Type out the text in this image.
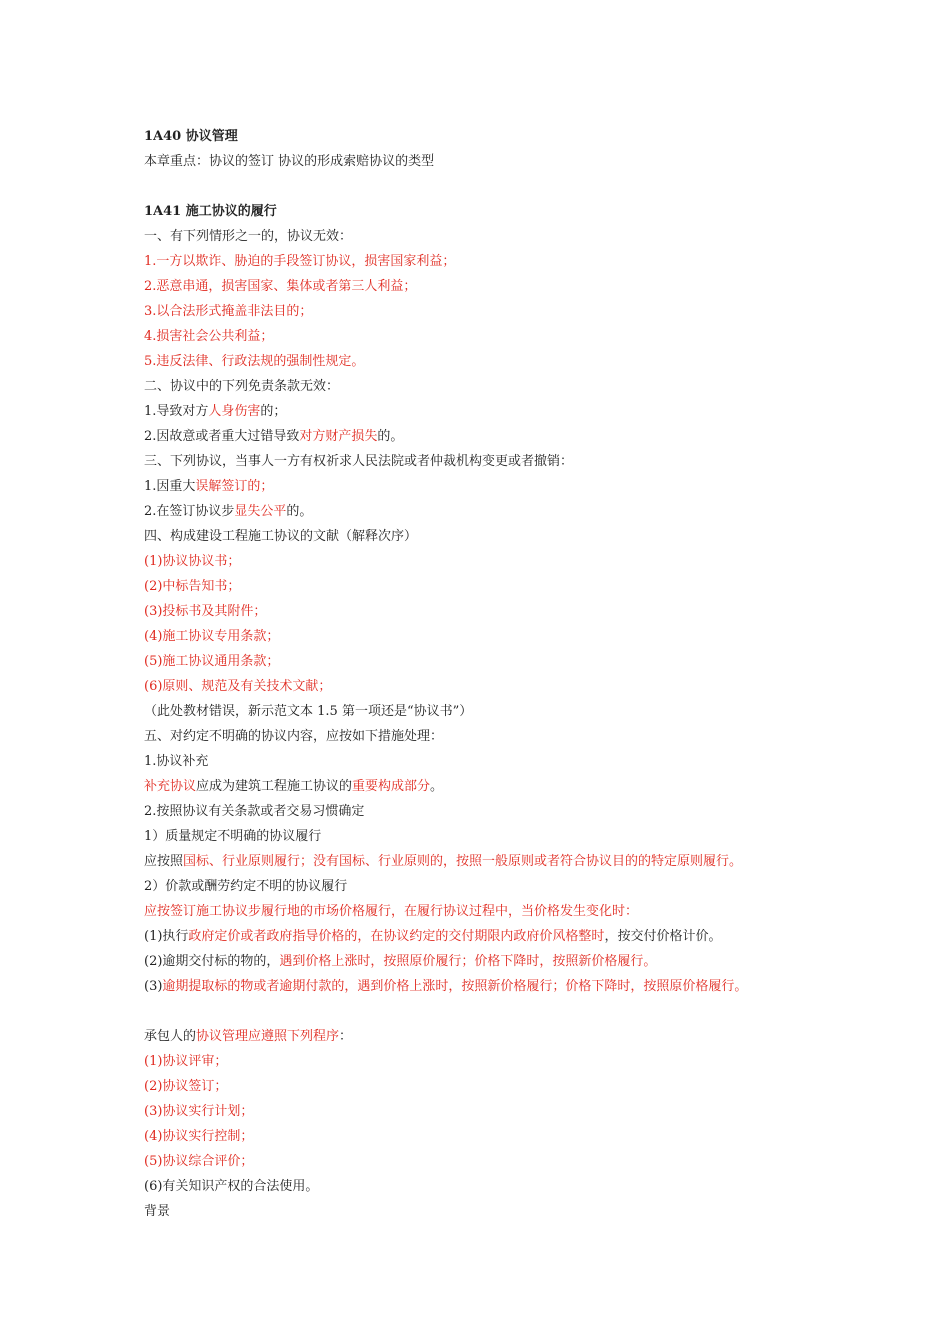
1A40 协议管理
本章重点：协议的签订 协议的形成索赔协议的类型
1A41 施工协议的履行
一、有下列情形之一的，协议无效：
1.一方以欺诈、胁迫的手段签订协议，损害国家利益；
2.恶意串通，损害国家、集体或者第三人利益；
3.以合法形式掩盖非法目的；
4.损害社会公共利益；
5.违反法律、行政法规的强制性规定。
二、协议中的下列免责条款无效：
1.导致对方人身伤害的；
2.因故意或者重大过错导致对方财产损失的。
三、下列协议，当事人一方有权祈求人民法院或者仲裁机构变更或者撤销：
1.因重大误解签订的；
2.在签订协议步显失公平的。
四、构成建设工程施工协议的文献（解释次序）
(1)协议协议书；
(2)中标告知书；
(3)投标书及其附件；
(4)施工协议专用条款；
(5)施工协议通用条款；
(6)原则、规范及有关技术文献；
（此处教材错误，新示范文本 1.5 第一项还是“协议书”）
五、对约定不明确的协议内容，应按如下措施处理：
1.协议补充
补充协议应成为建筑工程施工协议的重要构成部分。
2.按照协议有关条款或者交易习惯确定
1）质量规定不明确的协议履行
应按照国标、行业原则履行；没有国标、行业原则的，按照一般原则或者符合协议目的的特定原则履行。
2）价款或酬劳约定不明的协议履行
应按签订施工协议步履行地的市场价格履行，在履行协议过程中，当价格发生变化时：
(1)执行政府定价或者政府指导价格的，在协议约定的交付期限内政府价风格整时，按交付价格计价。
(2)逾期交付标的物的，遇到价格上涨时，按照原价履行；价格下降时，按照新价格履行。
(3)逾期提取标的物或者逾期付款的，遇到价格上涨时，按照新价格履行；价格下降时，按照原价格履行。
承包人的协议管理应遵照下列程序：
(1)协议评审；
(2)协议签订；
(3)协议实行计划；
(4)协议实行控制；
(5)协议综合评价；
(6)有关知识产权的合法使用。
背景
